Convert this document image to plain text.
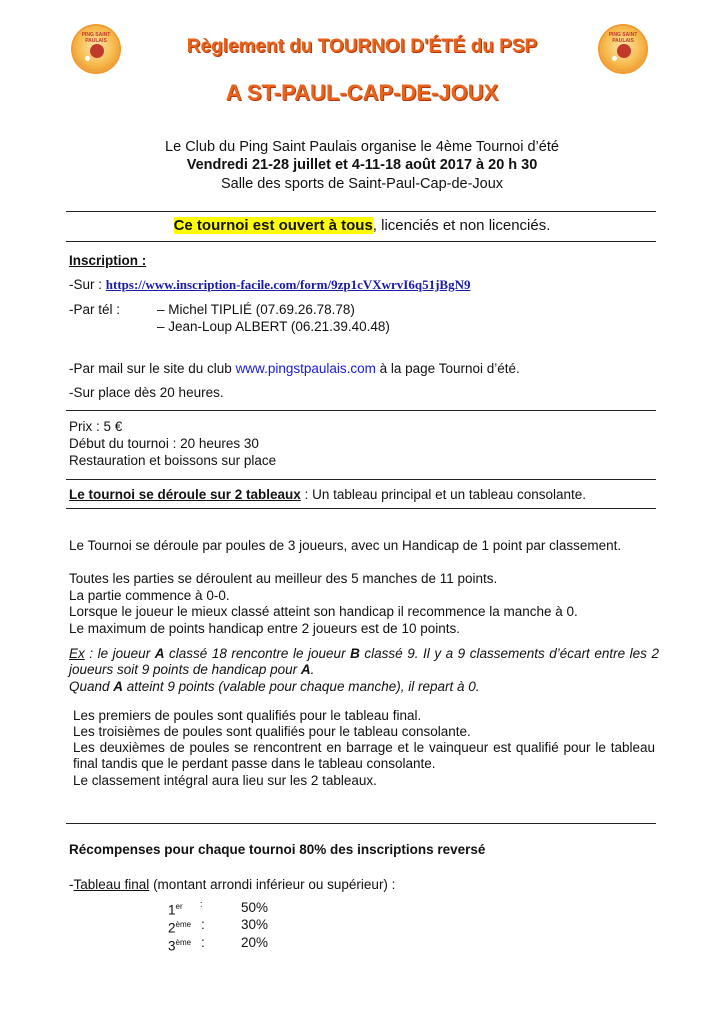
PING SAINT PAULAIS
PING SAINT PAULAIS
Règlement du TOURNOI D'ÉTÉ du PSP
A ST-PAUL-CAP-DE-JOUX
Le Club du Ping Saint Paulais organise le 4ème Tournoi d’été
Vendredi 21-28 juillet et 4-11-18 août 2017 à 20 h 30
Salle des sports de Saint-Paul-Cap-de-Joux
Ce tournoi est ouvert à tous, licenciés et non licenciés.
Inscription :
-Sur : https://www.inscription-facile.com/form/9zp1cVXwrvI6q51jBgN9
-Par tél :	– Michel TIPLIÉ (07.69.26.78.78)
– Jean-Loup ALBERT (06.21.39.40.48)
-Par mail sur le site du club www.pingstpaulais.com à la page Tournoi d’été.
-Sur place dès 20 heures.
Prix : 5 €
Début du tournoi : 20 heures 30
Restauration et boissons sur place
Le tournoi se déroule sur 2 tableaux : Un tableau principal et un tableau consolante.
Le Tournoi se déroule par poules de 3 joueurs, avec un Handicap de 1 point par classement.
Toutes les parties se déroulent au meilleur des 5 manches de 11 points.
La partie commence à 0-0.
Lorsque le joueur le mieux classé atteint son handicap il recommence la manche à 0.
Le maximum de points handicap entre 2 joueurs est de 10 points.
Ex : le joueur A classé 18 rencontre le joueur B classé 9. Il y a 9 classements d’écart entre les 2 joueurs soit 9 points de handicap pour A.
Quand A atteint 9 points (valable pour chaque manche), il repart à 0.
Les premiers de poules sont qualifiés pour le tableau final.
Les troisièmes de poules sont qualifiés pour le tableau consolante.
Les deuxièmes de poules se rencontrent en barrage et le vainqueur est qualifié pour le tableau final tandis que le perdant passe dans le tableau consolante.
Le classement intégral aura lieu sur les 2 tableaux.
Récompenses pour chaque tournoi 80% des inscriptions reversé
-Tableau final (montant arrondi inférieur ou supérieur) :
1er :	50%
2ème :	30%
3ème :	20%
